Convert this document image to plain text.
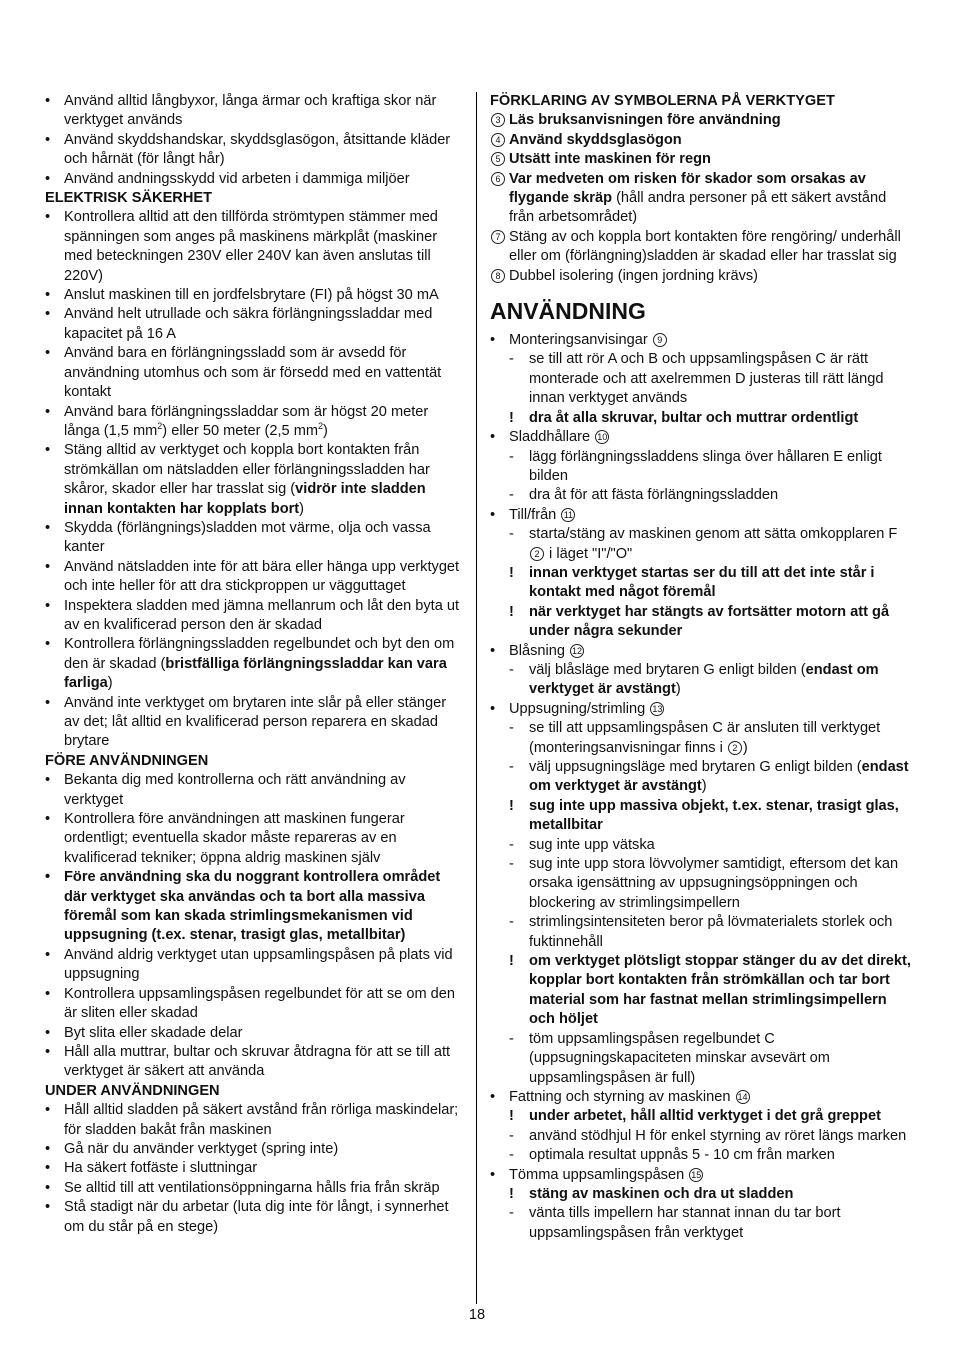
• Använd alltid långbyxor, långa ärmar och kraftiga skor när verktyget används

• Använd skyddshandskar, skyddsglasögon, åtsittande kläder och hårnät (för långt hår)

• Använd andningsskydd vid arbeten i dammiga miljöer

ELEKTRISK SÄKERHET

• Kontrollera alltid att den tillförda strömtypen stämmer med spänningen som anges på maskinens märkplåt (maskiner med beteckningen 230V eller 240V kan även anslutas till 220V)

• Anslut maskinen till en jordfelsbrytare (FI) på högst 30 mA

• Använd helt utrullade och säkra förlängningssladdar med kapacitet på 16 A

• Använd bara en förlängningssladd som är avsedd för användning utomhus och som är försedd med en vattentät kontakt

• Använd bara förlängningssladdar som är högst 20 meter långa (1,5 $mm^2$) eller 50 meter (2,5 $mm^2$)

• Stäng alltid av verktyget och koppla bort kontakten från strömkällan om nätsladden eller förlängningssladden har skåror, skador eller har trasslat sig (vidrör inte sladden innan kontakten har kopplats bort)

• Skydda (förlängnings)sladden mot värme, olja och vassa kanter

• Använd nätsladden inte för att bära eller hänga upp verktyget och inte heller för att dra stickproppen ur vägguttaget

• Inspektera sladden med jämna mellanrum och låt den byta ut av en kvalificerad person den är skadad

• Kontrollera förlängningssladden regelbundet och byt den om den är skadad (bristfälliga förlängningssladdar kan vara farliga)

• Använd inte verktyget om brytaren inte slår på eller stänger av det; låt alltid en kvalificerad person reparera en skadad brytare

FÖRE ANVÄNDNINGEN

• Bekanta dig med kontrollerna och rätt användning av verktyget

• Kontrollera före användningen att maskinen fungerar ordentligt; eventuella skador måste repareras av en kvalificerad tekniker; öppna aldrig maskinen själv

• Före användning ska du noggrant kontrollera området där verktyget ska användas och ta bort alla massiva föremål som kan skada strimlingsmekanismen vid uppsugning (t.ex. stenar, trasigt glas, metallbitar)

• Använd aldrig verktyget utan uppsamlingspåsen på plats vid uppsugning

• Kontrollera uppsamlingspåsen regelbundet för att se om den är sliten eller skadad

• Byt slita eller skadade delar

• Håll alla muttrar, bultar och skruvar åtdragna för att se till att verktyget är säkert att använda

UNDER ANVÄNDNINGEN

• Håll alltid sladden på säkert avstånd från rörliga maskindelar; för sladden bakåt från maskinen

• Gå när du använder verktyget (spring inte)

• Ha säkert fotfäste i sluttningar

• Se alltid till att ventilationsöppningarna hålls fria från skräp

• Stå stadigt när du arbetar (luta dig inte för långt, i synnerhet om du står på en stege)

FÖRKLARING AV SYMBOLERNA PÅ VERKTYGET

3 Läs bruksanvisningen före användning

4 Använd skyddsglasögon

5 Utsätt inte maskinen för regn

6 Var medveten om risken för skador som orsakas av flygande skräp (håll andra personer på ett säkert avstånd från arbetsområdet)

7 Stäng av och koppla bort kontakten före rengöring/ underhåll eller om (förlängning)sladden är skadad eller har trasslat sig

8 Dubbel isolering (ingen jordning krävs)

ANVÄNDNING

• Monteringsanvisingar 9

-	se till att rör A och B och uppsamlingspåsen C är rätt monterade och att axelremmen D justeras till rätt längd innan verktyget används

!	dra åt alla skruvar, bultar och muttrar ordentligt

• Sladdhållare 10

-	lägg förlängningssladdens slinga över hållaren E enligt bilden

-	dra åt för att fästa förlängningssladden

• Till/från 11

-	starta/stäng av maskinen genom att sätta omkopplaren F 2 i läget "I"/"O"

!	innan verktyget startas ser du till att det inte står i kontakt med något föremål

!	när verktyget har stängts av fortsätter motorn att gå under några sekunder

• Blåsning 12

-	välj blåsläge med brytaren G enligt bilden (endast om verktyget är avstängt)

• Uppsugning/strimling 13

-	se till att uppsamlingspåsen C är ansluten till verktyget (monteringsanvisningar finns i 2 )

-	välj uppsugningsläge med brytaren G enligt bilden (endast om verktyget är avstängt)

!	sug inte upp massiva objekt, t.ex. stenar, trasigt glas, metallbitar

-	sug inte upp vätska

-	sug inte upp stora lövvolymer samtidigt, eftersom det kan orsaka igensättning av uppsugningsöppningen och blockering av strimlingsimpellern

-	strimlingsintensiteten beror på lövmaterialets storlek och fuktinnehåll

!	om verktyget plötsligt stoppar stänger du av det direkt, kopplar bort kontakten från strömkällan och tar bort material som har fastnat mellan strimlingsimpellern och höljet

-	töm uppsamlingspåsen regelbundet C (uppsugningskapaciteten minskar avsevärt om uppsamlingspåsen är full)

• Fattning och styrning av maskinen 14

!	under arbetet, håll alltid verktyget i det grå greppet

-	använd stödhjul H för enkel styrning av röret längs marken

-	optimala resultat uppnås 5 - 10 cm från marken

• Tömma uppsamlingspåsen 15

!	stäng av maskinen och dra ut sladden

-	vänta tills impellern har stannat innan du tar bort uppsamlingspåsen från verktyget

18
